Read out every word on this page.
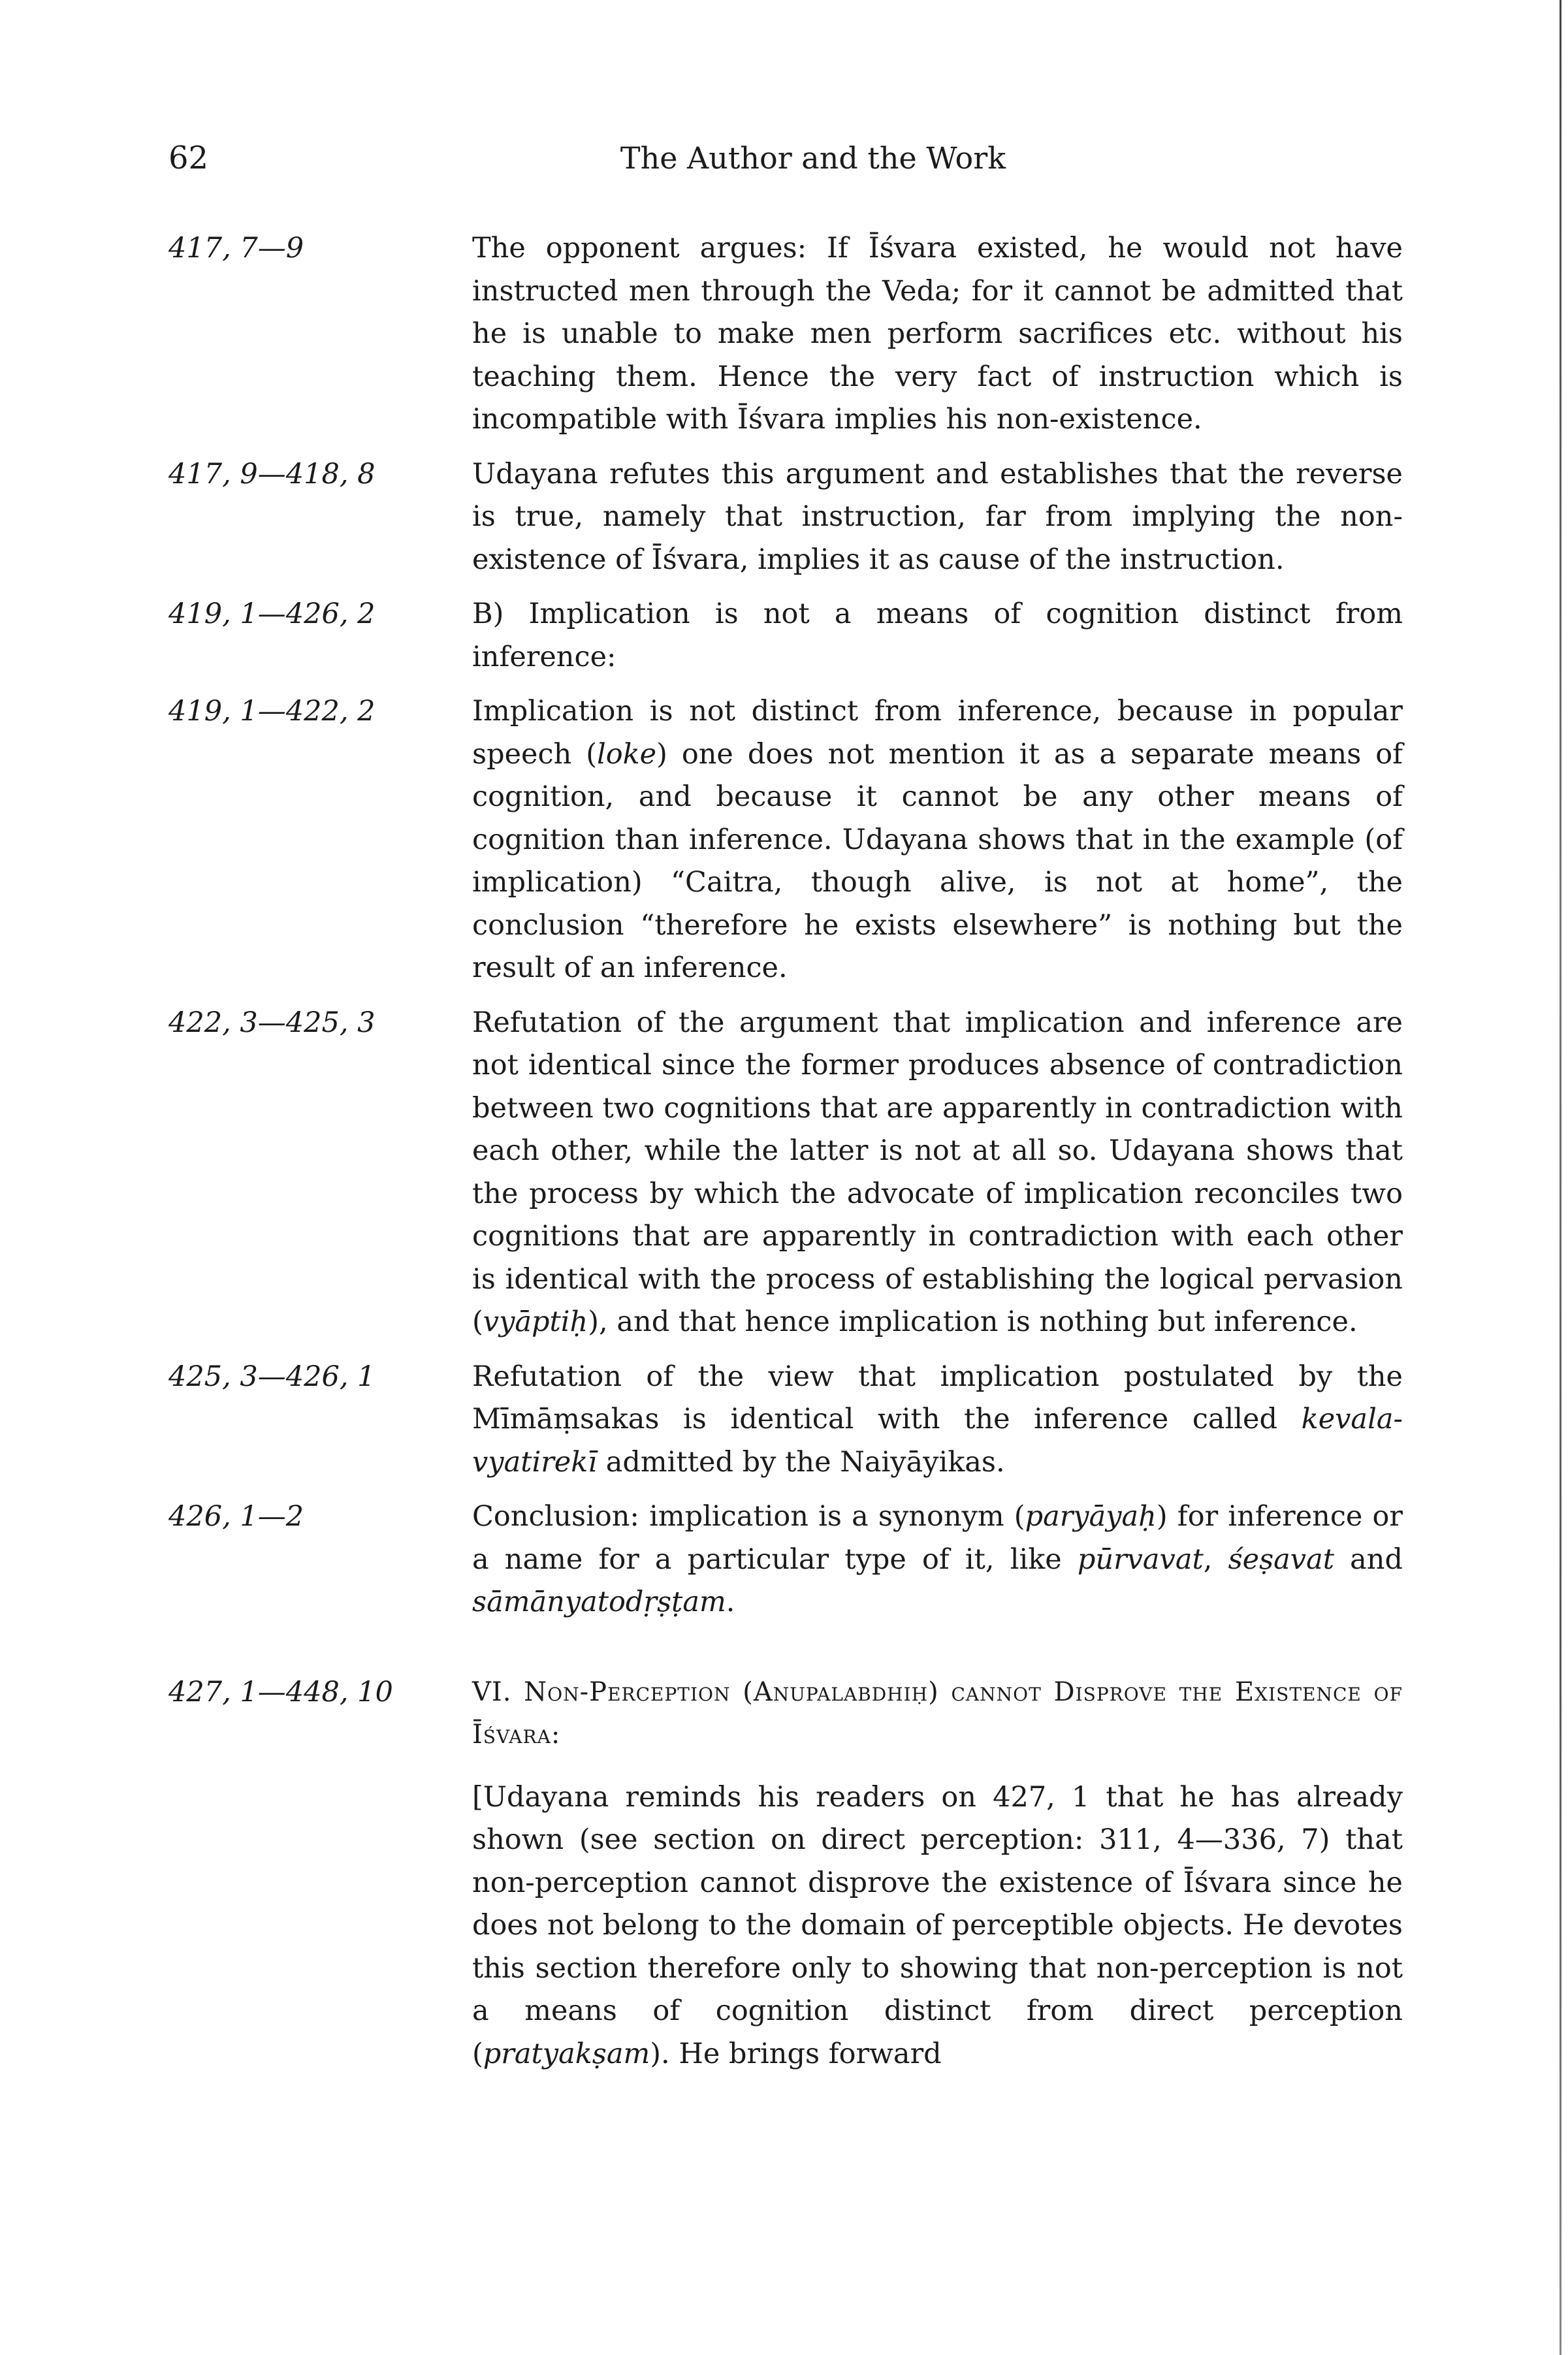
62	The Author and the Work
417, 7—9	The opponent argues: If Īśvara existed, he would not have instructed men through the Veda; for it cannot be admitted that he is unable to make men perform sacrifices etc. without his teaching them. Hence the very fact of instruction which is incompatible with Īśvara implies his non-existence.
417, 9—418, 8	Udayana refutes this argument and establishes that the reverse is true, namely that instruction, far from implying the non-existence of Īśvara, implies it as cause of the instruction.
419, 1—426, 2	B) Implication is not a means of cognition distinct from inference:
419, 1—422, 2	Implication is not distinct from inference, because in popular speech (loke) one does not mention it as a separate means of cognition, and because it cannot be any other means of cognition than inference. Udayana shows that in the example (of implication) “Caitra, though alive, is not at home”, the conclusion “therefore he exists elsewhere” is nothing but the result of an inference.
422, 3—425, 3	Refutation of the argument that implication and inference are not identical since the former produces absence of contradiction between two cognitions that are apparently in contradiction with each other, while the latter is not at all so. Udayana shows that the process by which the advocate of implication reconciles two cognitions that are apparently in contradiction with each other is identical with the process of establishing the logical pervasion (vyāptiḥ), and that hence implication is nothing but inference.
425, 3—426, 1	Refutation of the view that implication postulated by the Mīmāṃsakas is identical with the inference called kevala-vyatirekī admitted by the Naiyāyikas.
426, 1—2	Conclusion: implication is a synonym (paryāyaḥ) for inference or a name for a particular type of it, like pūrvavat, śeṣavat and sāmānyatodṛṣṭam.
427, 1—448, 10	VI. Non-Perception (Anupalabdhiḥ) cannot Disprove the Existence of Īśvara:
[Udayana reminds his readers on 427, 1 that he has already shown (see section on direct perception: 311, 4—336, 7) that non-perception cannot disprove the existence of Īśvara since he does not belong to the domain of perceptible objects. He devotes this section therefore only to showing that non-perception is not a means of cognition distinct from direct perception (pratyakṣam). He brings forward
